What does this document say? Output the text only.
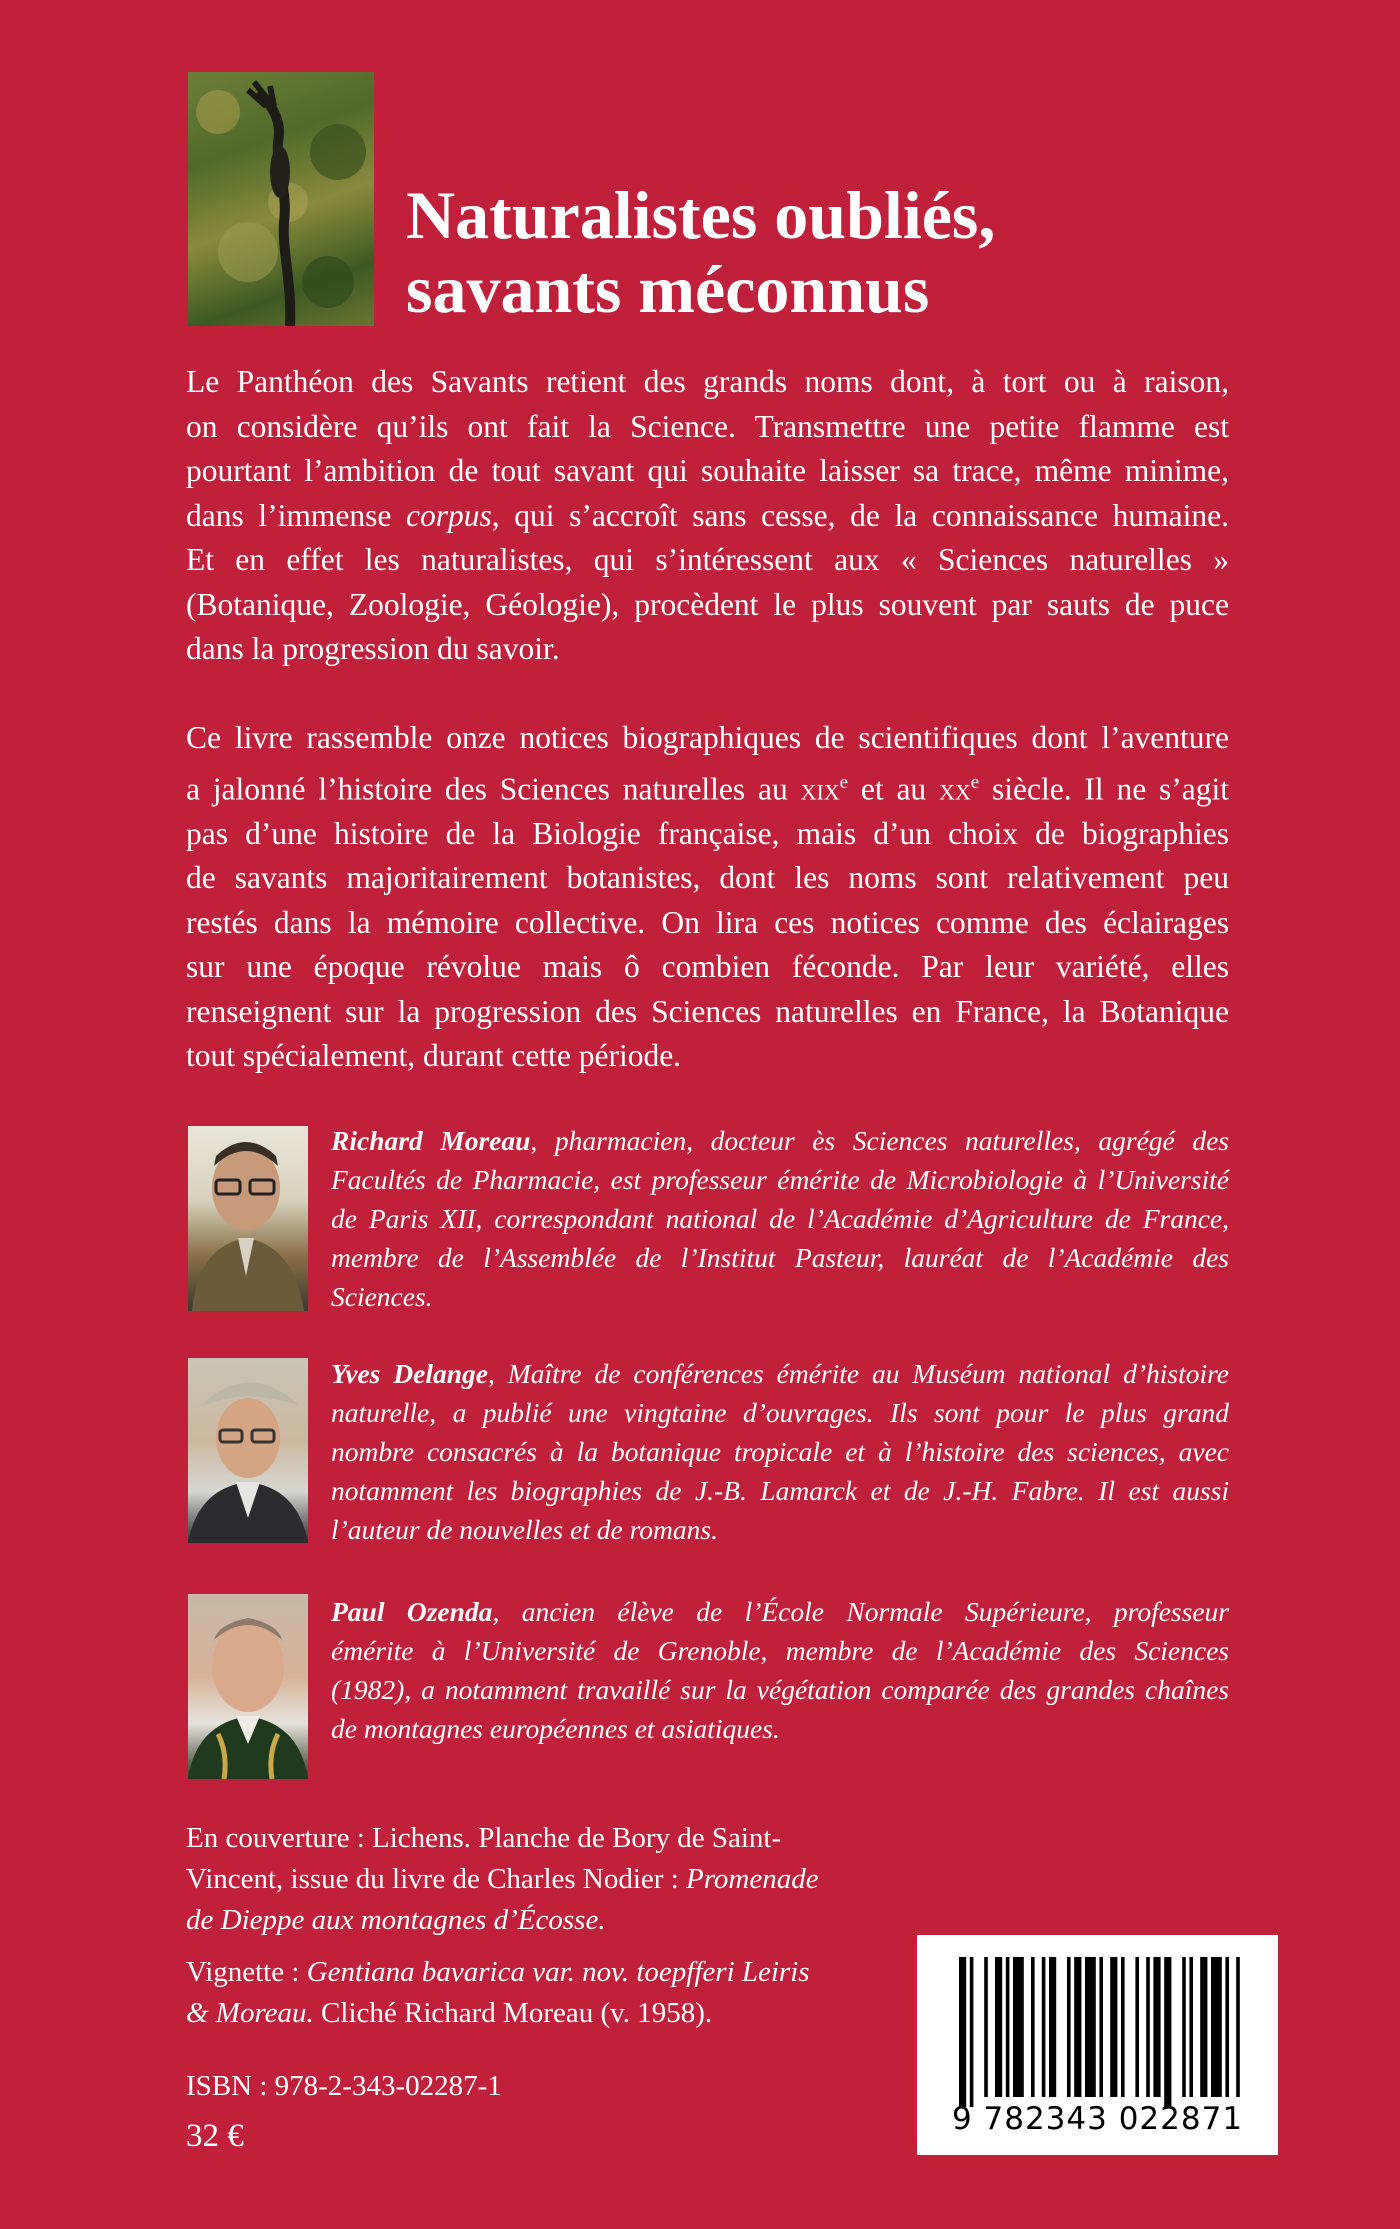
Naturalistes oubliés,
savants méconnus

Le Panthéon des Savants retient des grands noms dont, à tort ou à raison,
on considère qu’ils ont fait la Science. Transmettre une petite flamme est
pourtant l’ambition de tout savant qui souhaite laisser sa trace, même minime,
dans l’immense corpus, qui s’accroît sans cesse, de la connaissance humaine.
Et en effet les naturalistes, qui s’intéressent aux « Sciences naturelles »
(Botanique, Zoologie, Géologie), procèdent le plus souvent par sauts de puce
dans la progression du savoir.

Ce livre rassemble onze notices biographiques de scientifiques dont l’aventure
a jalonné l’histoire des Sciences naturelles au xix$^e$ et au $xx^e$ siècle. Il ne s’agit
pas d’une histoire de la Biologie française, mais d’un choix de biographies
de savants majoritairement botanistes, dont les noms sont relativement peu
restés dans la mémoire collective. On lira ces notices comme des éclairages
sur une époque révolue mais ô combien féconde. Par leur variété, elles
renseignent sur la progression des Sciences naturelles en France, la Botanique
tout spécialement, durant cette période.

Richard Moreau, pharmacien, docteur ès Sciences naturelles, agrégé des
Facultés de Pharmacie, est professeur émérite de Microbiologie à l’Université
de Paris XII, correspondant national de l’Académie d’Agriculture de France,
membre de l’Assemblée de l’Institut Pasteur, lauréat de l’Académie des
Sciences.

Yves Delange, Maître de conférences émérite au Muséum national d’histoire
naturelle, a publié une vingtaine d’ouvrages. Ils sont pour le plus grand
nombre consacrés à la botanique tropicale et à l’histoire des sciences, avec
notamment les biographies de J.-B. Lamarck et de J.-H. Fabre. Il est aussi
l’auteur de nouvelles et de romans.

Paul Ozenda, ancien élève de l’École Normale Supérieure, professeur
émérite à l’Université de Grenoble, membre de l’Académie des Sciences
(1982), a notamment travaillé sur la végétation comparée des grandes chaînes
de montagnes européennes et asiatiques.

En couverture : Lichens. Planche de Bory de Saint-
Vincent, issue du livre de Charles Nodier : Promenade
de Dieppe aux montagnes d’Écosse.

Vignette : Gentiana bavarica var. nov. toepfferi Leiris
& Moreau. Cliché Richard Moreau (v. 1958).

ISBN : 978-2-343-02287-1

32 €	9 782343 022871
